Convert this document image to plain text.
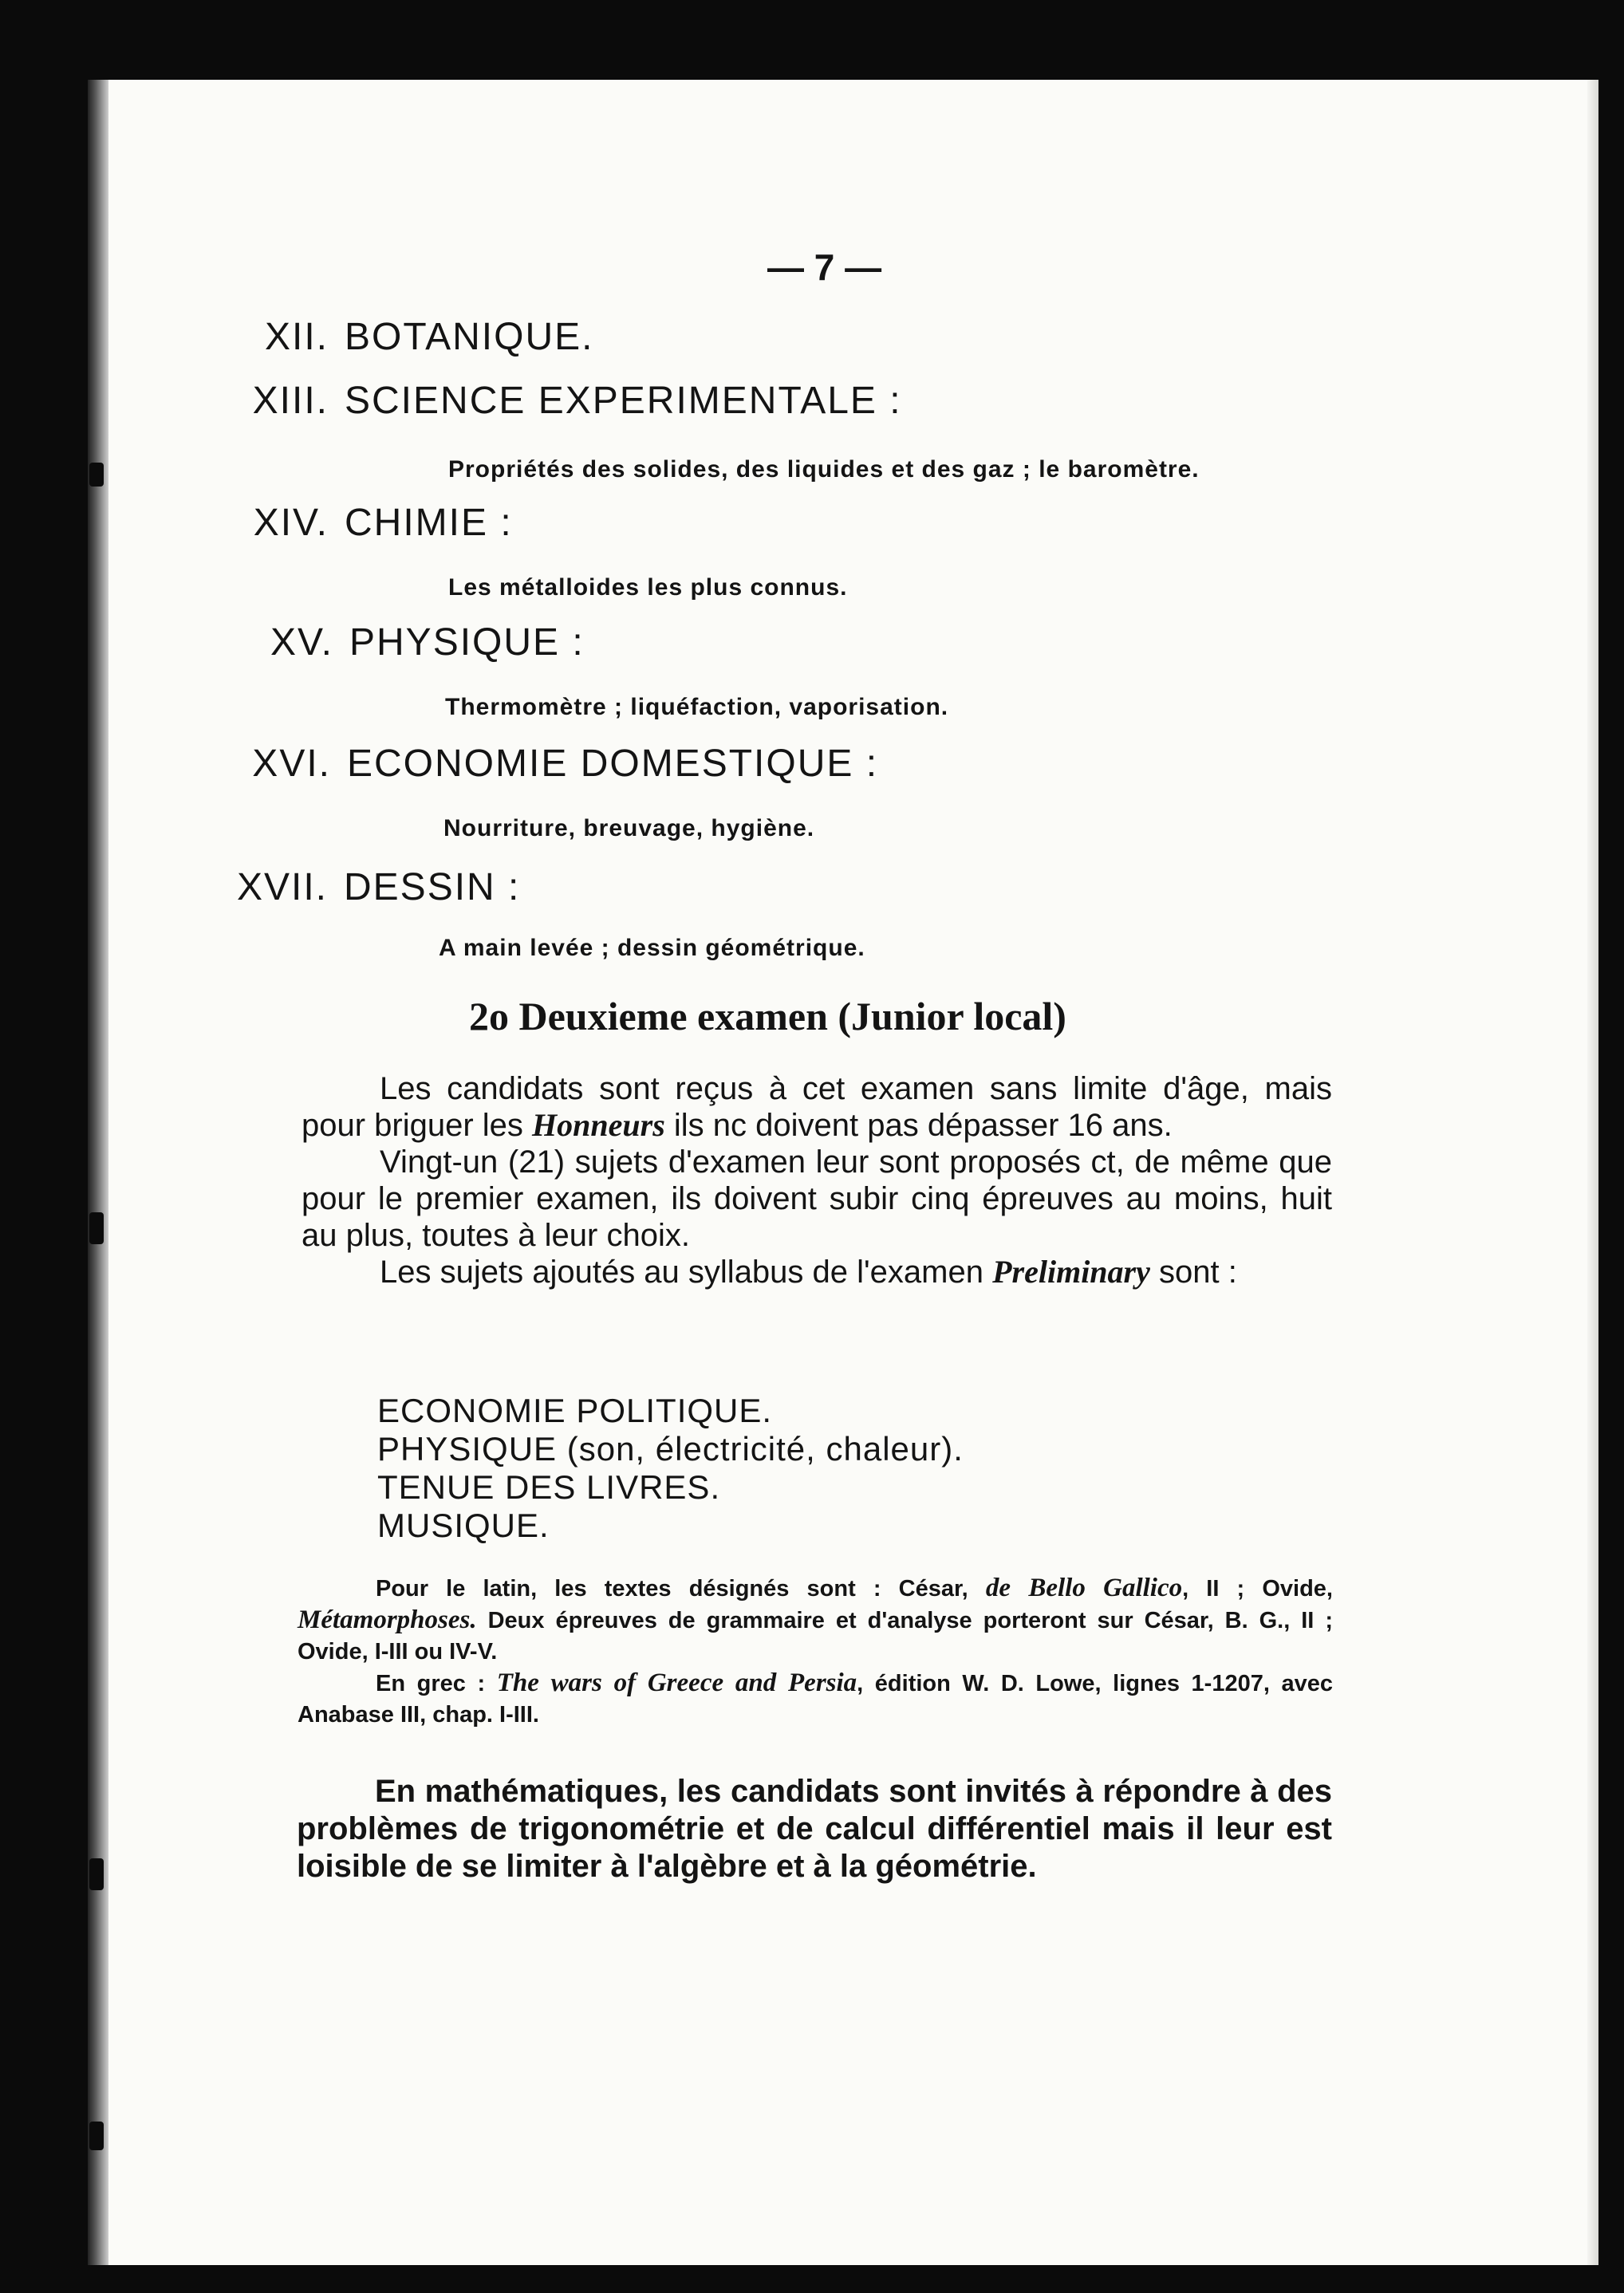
— 7 —
XII. BOTANIQUE.
XIII. SCIENCE EXPERIMENTALE :
Propriétés des solides, des liquides et des gaz ; le baromètre.
XIV. CHIMIE :
Les métalloides les plus connus.
XV. PHYSIQUE :
Thermomètre ; liquéfaction, vaporisation.
XVI. ECONOMIE DOMESTIQUE :
Nourriture, breuvage, hygiène.
XVII. DESSIN :
A main levée ; dessin géométrique.
2o Deuxieme examen (Junior local)

Les candidats sont reçus à cet examen sans limite d'âge, mais pour briguer les Honneurs ils nc doivent pas dépasser 16 ans.

Vingt-un (21) sujets d'examen leur sont proposés ct, de même que pour le premier examen, ils doivent subir cinq épreuves au moins, huit au plus, toutes à leur choix.

Les sujets ajoutés au syllabus de l'examen Preliminary sont :

ECONOMIE POLITIQUE.
PHYSIQUE (son, électricité, chaleur).
TENUE DES LIVRES.
MUSIQUE.

Pour le latin, les textes désignés sont : César, de Bello Gallico, II ; Ovide, Métamorphoses. Deux épreuves de grammaire et d'analyse porteront sur César, B. G., II ; Ovide, I-III ou IV-V.

En grec : The wars of Greece and Persia, édition W. D. Lowe, lignes 1-1207, avec Anabase III, chap. I-III.

En mathématiques, les candidats sont invités à répondre à des problèmes de trigonométrie et de calcul différentiel mais il leur est loisible de se limiter à l'algèbre et à la géométrie.
